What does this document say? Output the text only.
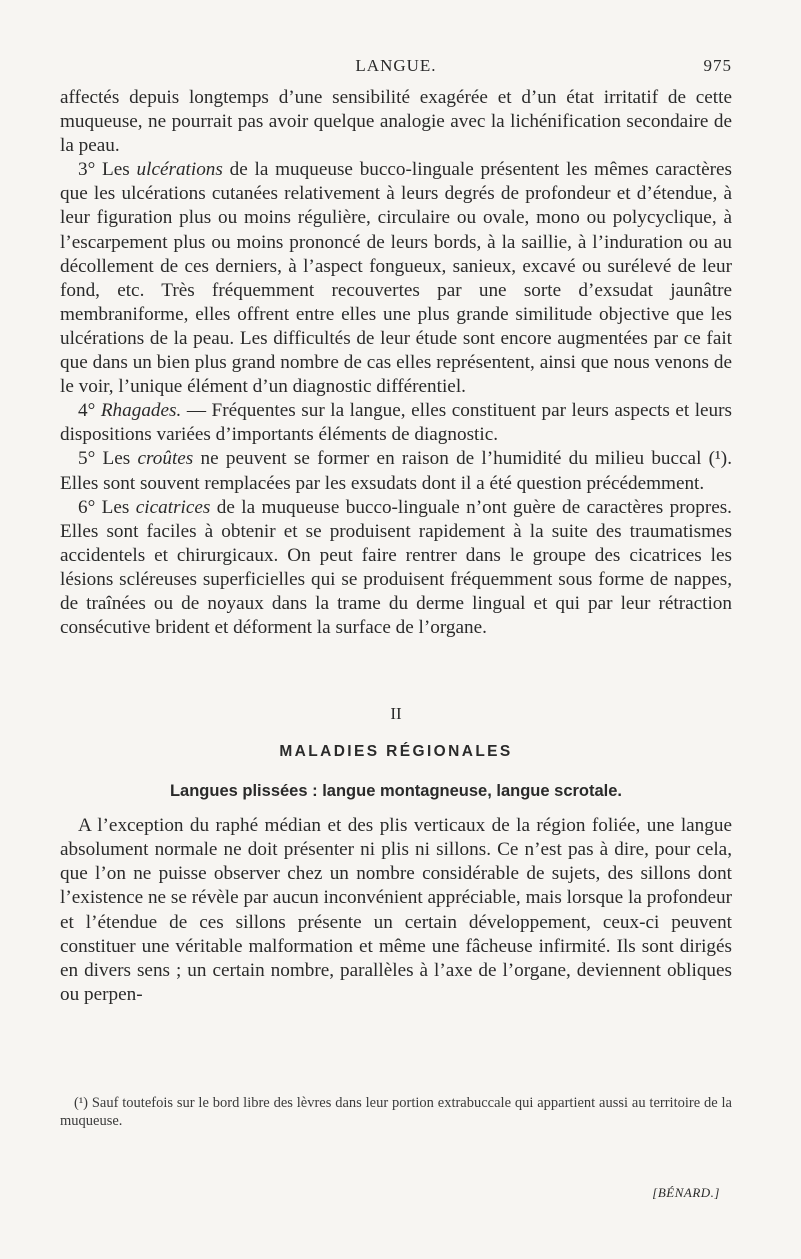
LANGUE.	975

affectés depuis longtemps d’une sensibilité exagérée et d’un état irritatif de cette muqueuse, ne pourrait pas avoir quelque analogie avec la lichénification secondaire de la peau.

3° Les ulcérations de la muqueuse bucco-linguale présentent les mêmes caractères que les ulcérations cutanées relativement à leurs degrés de profondeur et d’étendue, à leur figuration plus ou moins régulière, circulaire ou ovale, mono ou polycyclique, à l’escarpement plus ou moins prononcé de leurs bords, à la saillie, à l’induration ou au décollement de ces derniers, à l’aspect fongueux, sanieux, excavé ou surélevé de leur fond, etc. Très fréquemment recouvertes par une sorte d’exsudat jaunâtre membraniforme, elles offrent entre elles une plus grande similitude objective que les ulcérations de la peau. Les difficultés de leur étude sont encore augmentées par ce fait que dans un bien plus grand nombre de cas elles représentent, ainsi que nous venons de le voir, l’unique élément d’un diagnostic différentiel.

4° Rhagades. — Fréquentes sur la langue, elles constituent par leurs aspects et leurs dispositions variées d’importants éléments de diagnostic.

5° Les croûtes ne peuvent se former en raison de l’humidité du milieu buccal (¹). Elles sont souvent remplacées par les exsudats dont il a été question précédemment.

6° Les cicatrices de la muqueuse bucco-linguale n’ont guère de caractères propres. Elles sont faciles à obtenir et se produisent rapidement à la suite des traumatismes accidentels et chirurgicaux. On peut faire rentrer dans le groupe des cicatrices les lésions scléreuses superficielles qui se produisent fréquemment sous forme de nappes, de traînées ou de noyaux dans la trame du derme lingual et qui par leur rétraction consécutive brident et déforment la surface de l’organe.

II
MALADIES RÉGIONALES
Langues plissées : langue montagneuse, langue scrotale.

A l’exception du raphé médian et des plis verticaux de la région foliée, une langue absolument normale ne doit présenter ni plis ni sillons. Ce n’est pas à dire, pour cela, que l’on ne puisse observer chez un nombre considérable de sujets, des sillons dont l’existence ne se révèle par aucun inconvénient appréciable, mais lorsque la profondeur et l’étendue de ces sillons présente un certain développement, ceux-ci peuvent constituer une véritable malformation et même une fâcheuse infirmité. Ils sont dirigés en divers sens ; un certain nombre, parallèles à l’axe de l’organe, deviennent obliques ou perpen-

(¹) Sauf toutefois sur le bord libre des lèvres dans leur portion extrabuccale qui appartient aussi au territoire de la muqueuse.

[BÉNARD.]
